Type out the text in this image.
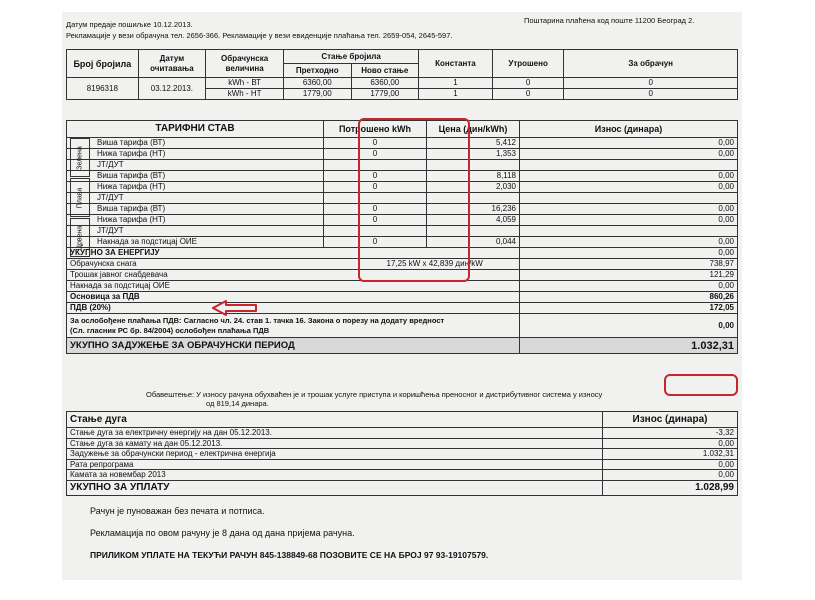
Датум предаје пошиљке 10.12.2013.	Поштарина плаћена код поште 11200 Београд 2.
Рекламације у вези обрачуна тел. 2656-366. Рекламације у вези евиденције плаћања тел. 2659-054, 2645-597.
Број бројила	Датум очитавања	Обрачунска величина	Стање бројила		Константа	Утрошено	За обрачун
			Претходно	Ново стање			
8196318	03.12.2013.	kWh - ВТ	6360,00	6360,00	1	0	0
		kWh - НТ	1779,00	1779,00	1	0	0
ТАРИФНИ СТАВ	Потрошено kWh	Цена (дин/kWh)	Износ (динара)
Виша тарифа (ВТ)	0	5,412	0,00
Нижа тарифа (НТ)	0	1,353	0,00
ЈТ/ДУТ			
Виша тарифа (ВТ)	0	8,118	0,00
Нижа тарифа (НТ)	0	2,030	0,00
ЈТ/ДУТ			
Виша тарифа (ВТ)	0	16,236	0,00
Нижа тарифа (НТ)	0	4,059	0,00
ЈТ/ДУТ			
Накнада за подстицај ОИЕ	0	0,044	0,00
УКУПНО ЗА ЕНЕРГИЈУ			0,00
Обрачунска снага 17,25 kW x 42,839 дин/kW			738,97
Трошак јавног снабдевача			121,29
Накнада за подстицај ОИЕ			0,00
Основица за ПДВ			860,26
ПДВ (20%)			172,05

За ослобођене плаћања ПДВ: Сагласно чл. 24. став 1. тачка 16. Закона о порезу на додату вредност
(Сл. гласник РС бр. 84/2004) ослобођен плаћања ПДВ			0,00
УКУПНО ЗАДУЖЕЊЕ ЗА ОБРАЧУНСКИ ПЕРИОД			1.032,31
Зелена
Плава
Црвена
Обавештење: У износу рачуна обухваћен је и трошак услуге приступа и коришћења преносног и дистрибутивног система у износу
од 819,14 динара.
Стање дуга	Износ (динара)
Стање дуга за електричну енергију на дан 05.12.2013.	-3,32
Стање дуга за камату на дан 05.12.2013.	0,00
Задужење за обрачунски период - електрична енергија	1.032,31
Рата репрограма	0,00
Камата за новембар 2013	0,00
УКУПНО ЗА УПЛАТУ	1.028,99
Рачун је пуноважан без печата и потписа.
Рекламација по овом рачуну је 8 дана од дана пријема рачуна.
ПРИЛИКОМ УПЛАТЕ НА ТЕКУЋИ РАЧУН 845-138849-68 ПОЗОВИТЕ СЕ НА БРОЈ 97 93-19107579.
